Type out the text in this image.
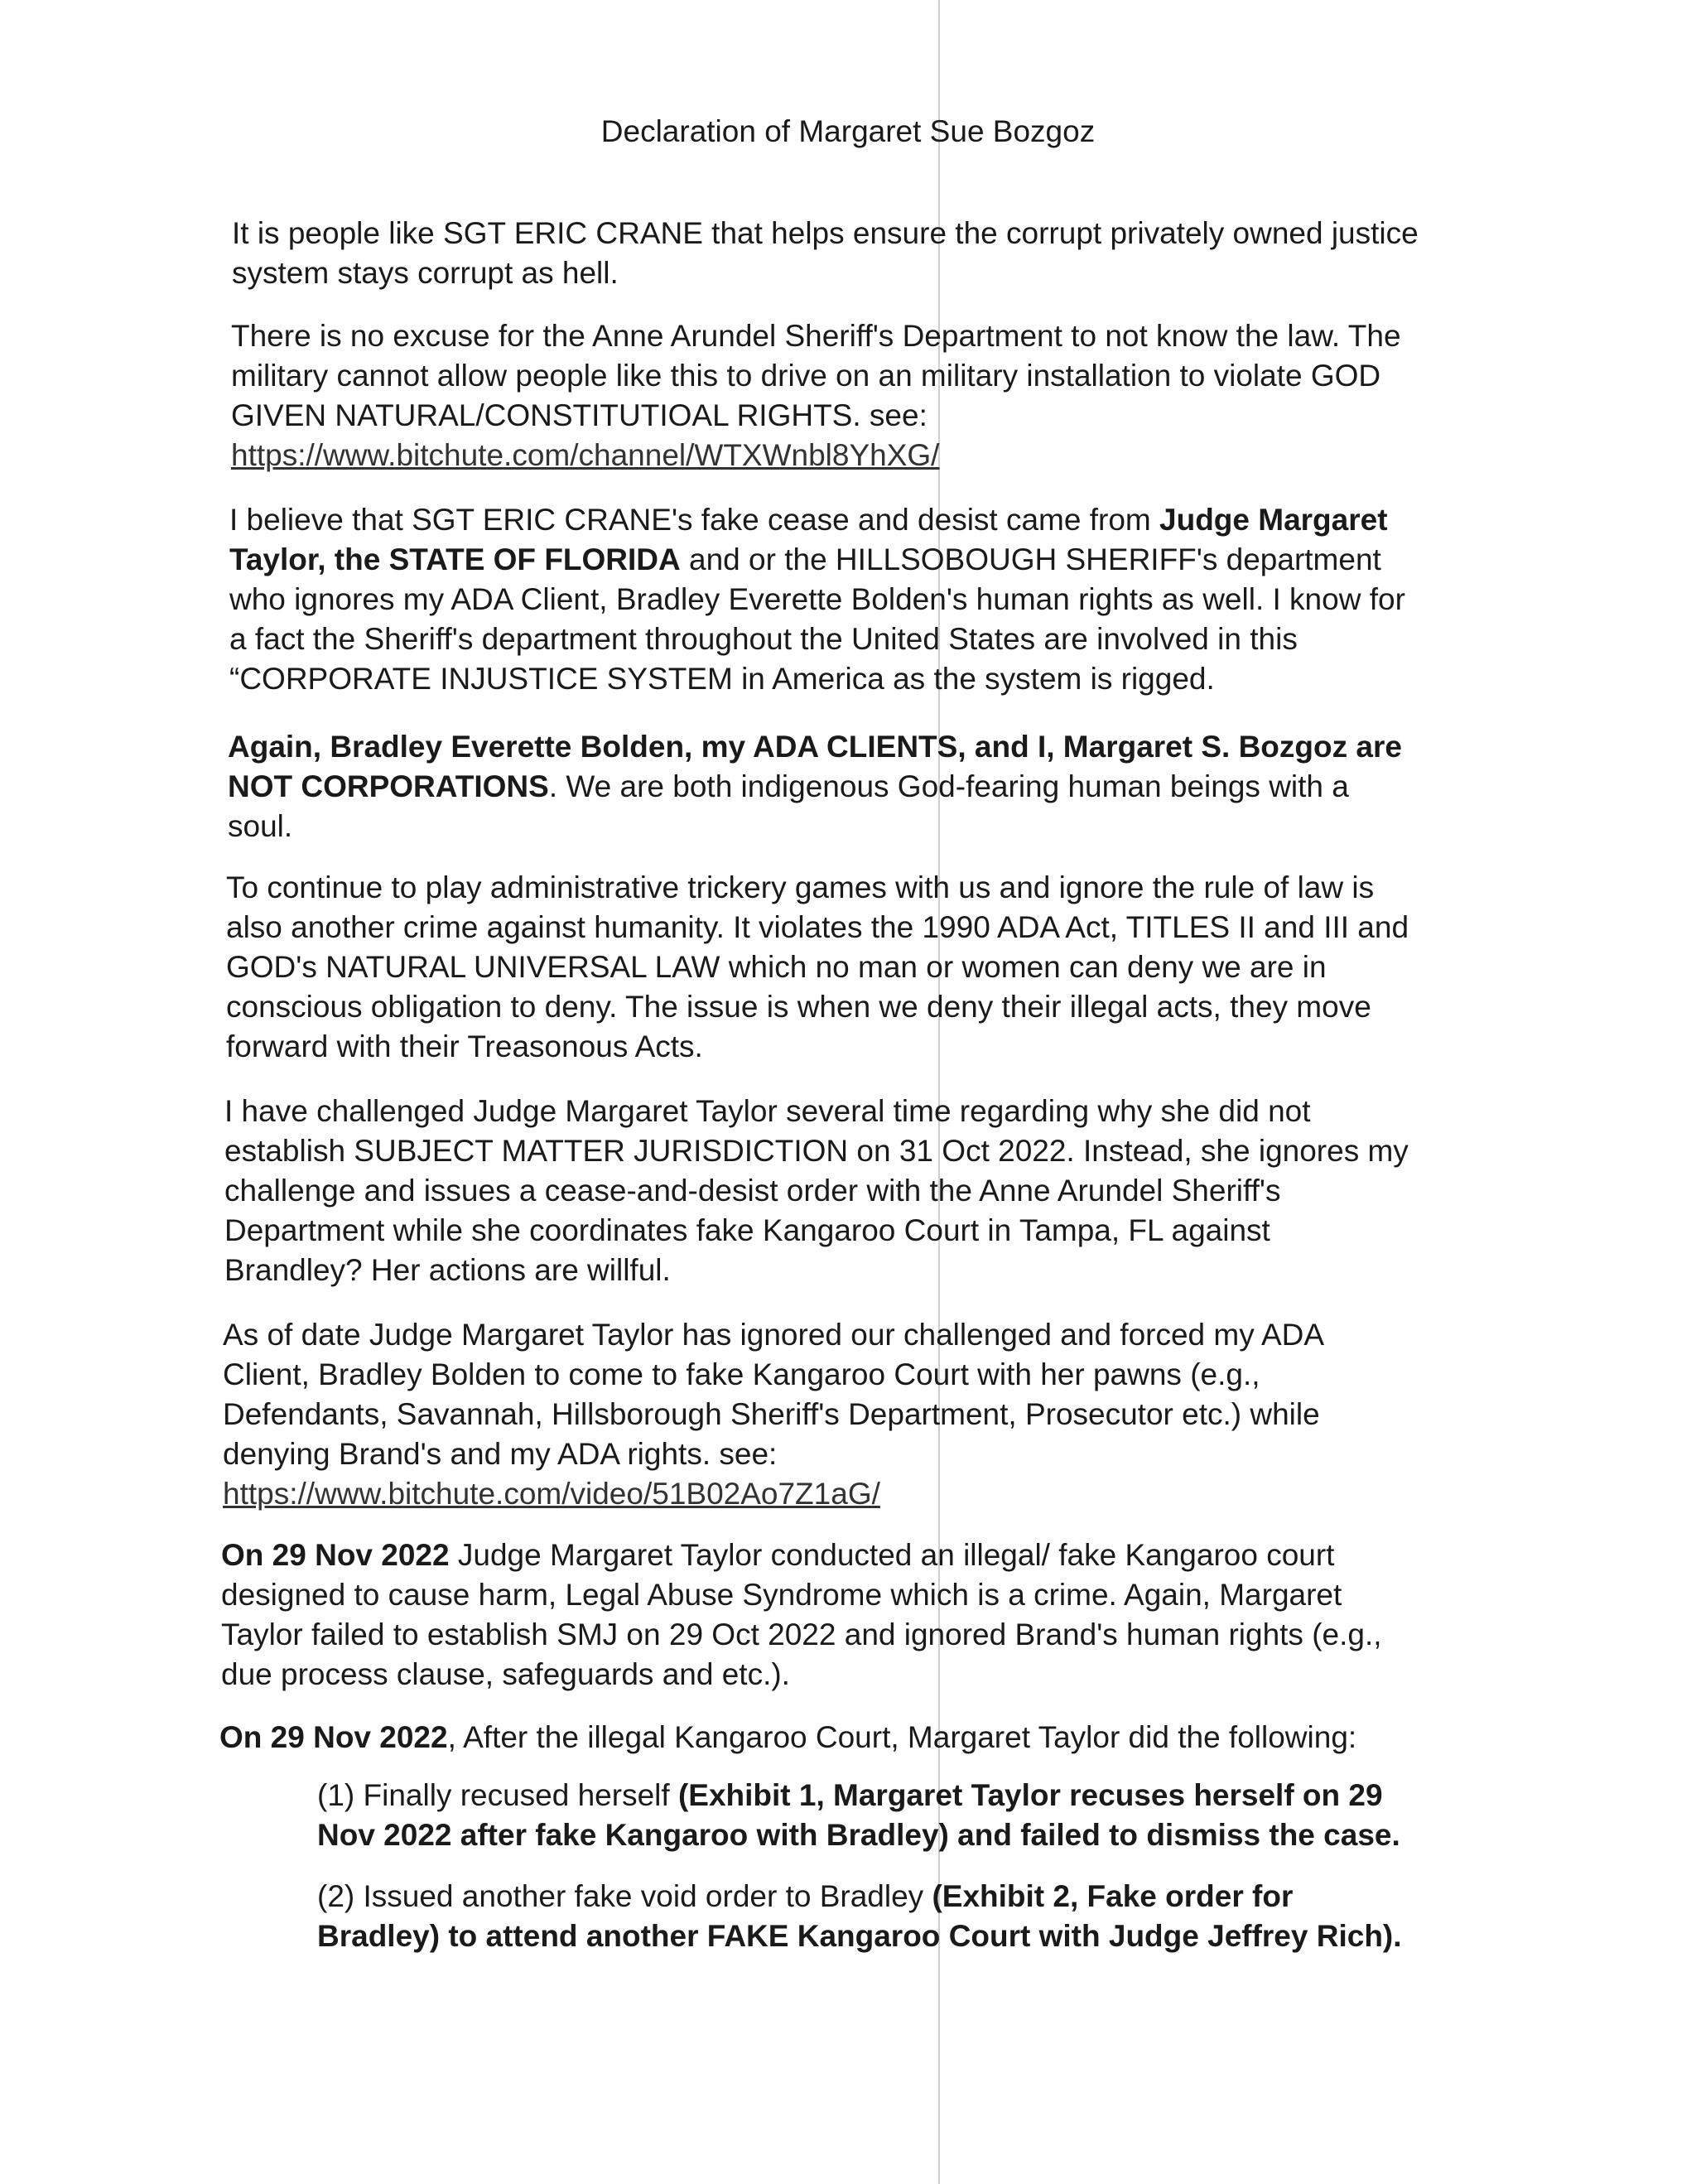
Declaration of Margaret Sue Bozgoz
It is people like SGT ERIC CRANE that helps ensure the corrupt privately owned justice
system stays corrupt as hell.
There is no excuse for the Anne Arundel Sheriff's Department to not know the law. The
military cannot allow people like this to drive on an military installation to violate GOD
GIVEN NATURAL/CONSTITUTIOAL RIGHTS. see:
https://www.bitchute.com/channel/WTXWnbl8YhXG/
I believe that SGT ERIC CRANE's fake cease and desist came from Judge Margaret
Taylor, the STATE OF FLORIDA and or the HILLSOBOUGH SHERIFF's department
who ignores my ADA Client, Bradley Everette Bolden's human rights as well. I know for
a fact the Sheriff's department throughout the United States are involved in this
“CORPORATE INJUSTICE SYSTEM in America as the system is rigged.
Again, Bradley Everette Bolden, my ADA CLIENTS, and I, Margaret S. Bozgoz are
NOT CORPORATIONS. We are both indigenous God-fearing human beings with a
soul.
To continue to play administrative trickery games with us and ignore the rule of law is
also another crime against humanity. It violates the 1990 ADA Act, TITLES II and III and
GOD's NATURAL UNIVERSAL LAW which no man or women can deny we are in
conscious obligation to deny. The issue is when we deny their illegal acts, they move
forward with their Treasonous Acts.
I have challenged Judge Margaret Taylor several time regarding why she did not
establish SUBJECT MATTER JURISDICTION on 31 Oct 2022. Instead, she ignores my
challenge and issues a cease-and-desist order with the Anne Arundel Sheriff's
Department while she coordinates fake Kangaroo Court in Tampa, FL against
Brandley? Her actions are willful.
As of date Judge Margaret Taylor has ignored our challenged and forced my ADA
Client, Bradley Bolden to come to fake Kangaroo Court with her pawns (e.g.,
Defendants, Savannah, Hillsborough Sheriff's Department, Prosecutor etc.) while
denying Brand's and my ADA rights. see:
https://www.bitchute.com/video/51B02Ao7Z1aG/
On 29 Nov 2022 Judge Margaret Taylor conducted an illegal/ fake Kangaroo court
designed to cause harm, Legal Abuse Syndrome which is a crime. Again, Margaret
Taylor failed to establish SMJ on 29 Oct 2022 and ignored Brand's human rights (e.g.,
due process clause, safeguards and etc.).
On 29 Nov 2022, After the illegal Kangaroo Court, Margaret Taylor did the following:
(1) Finally recused herself (Exhibit 1, Margaret Taylor recuses herself on 29
Nov 2022 after fake Kangaroo with Bradley) and failed to dismiss the case.
(2) Issued another fake void order to Bradley (Exhibit 2, Fake order for
Bradley) to attend another FAKE Kangaroo Court with Judge Jeffrey Rich).
